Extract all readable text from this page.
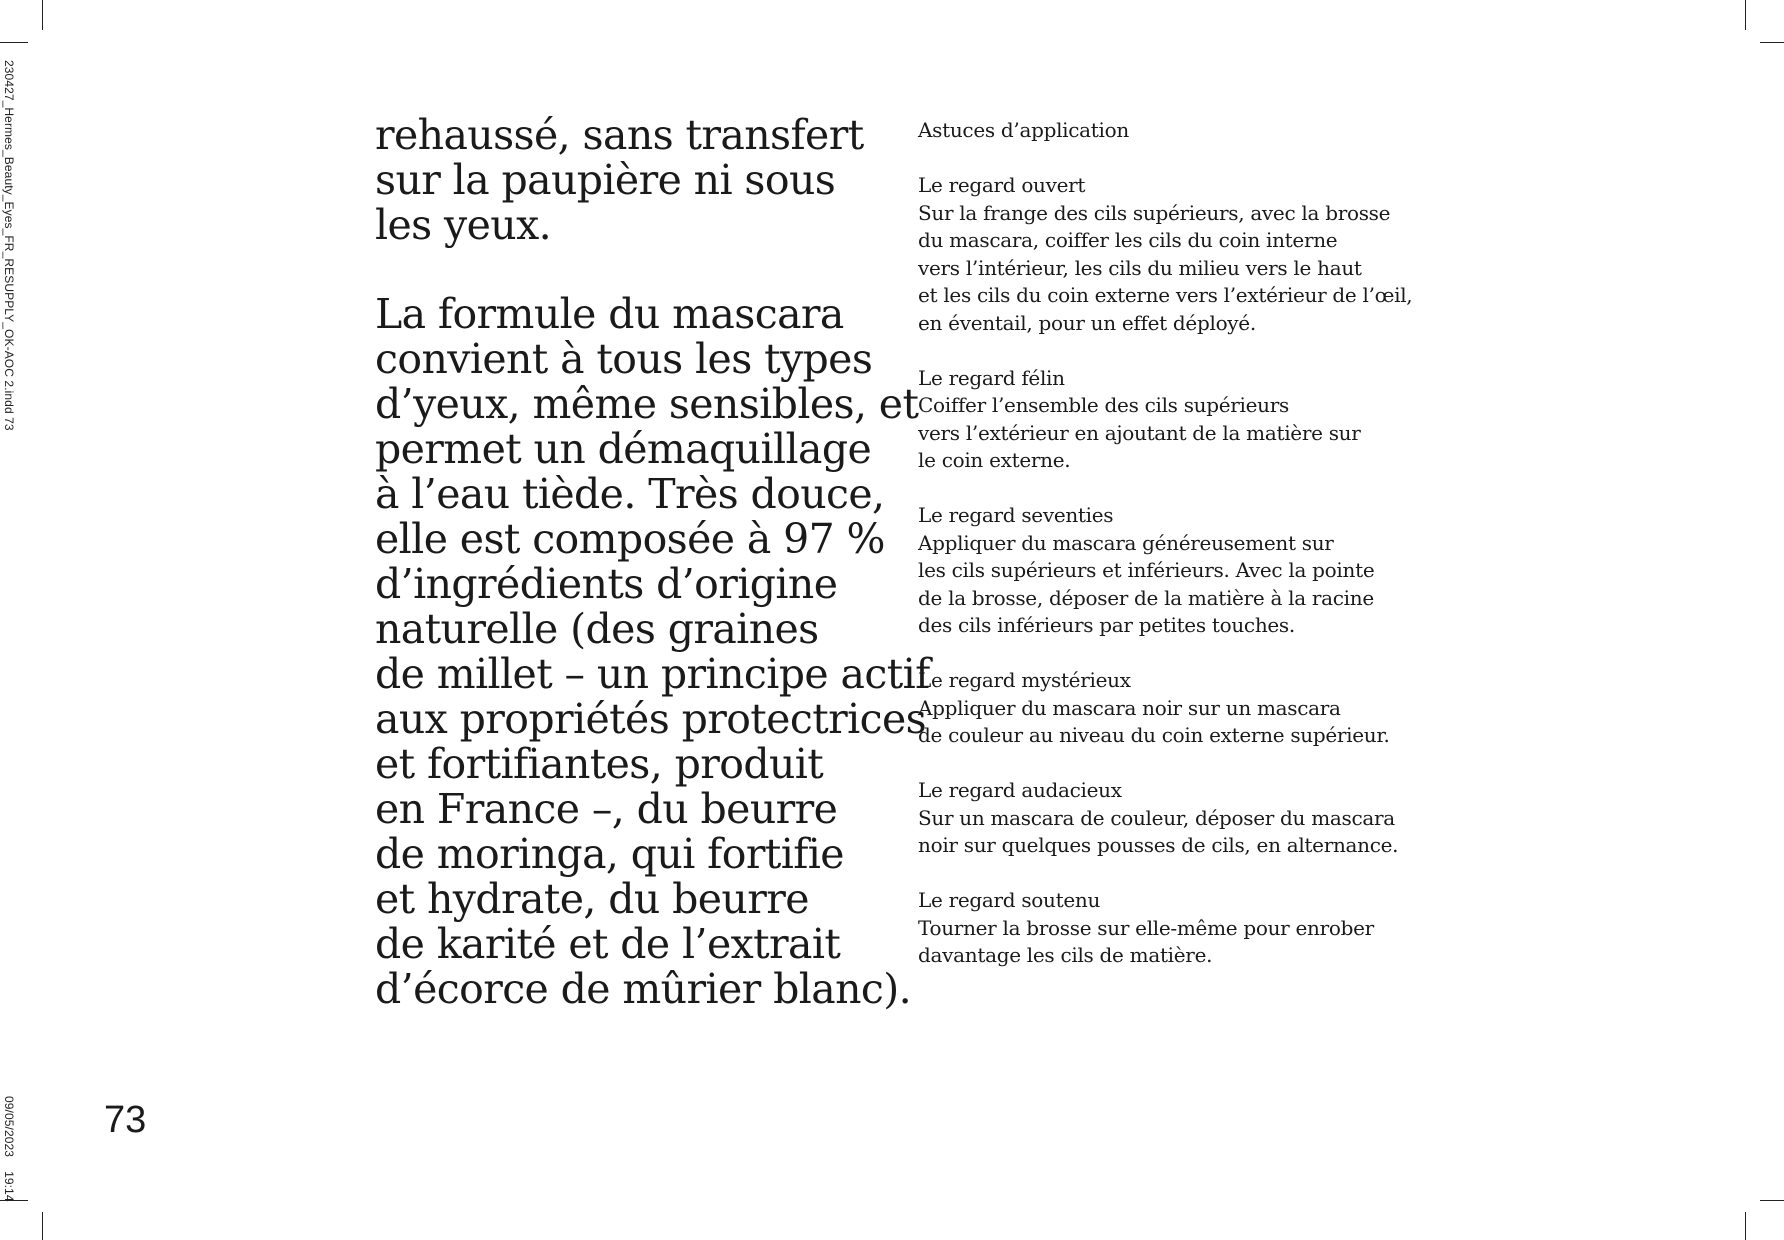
230427_Hermes_Beauty_Eyes_FR_RESUPPLY_OK-AOC 2.indd 73
09/05/202319:14

rehaussé, sans transfert
sur la paupière ni sous
les yeux.

La formule du mascara
convient à tous les types
d’yeux, même sensibles, et
permet un démaquillage
à l’eau tiède. Très douce,
elle est composée à 97 %
d’ingrédients d’origine
naturelle (des graines
de millet – un principe actif
aux propriétés protectrices
et fortifiantes, produit
en France –, du beurre
de moringa, qui fortifie
et hydrate, du beurre
de karité et de l’extrait
d’écorce de mûrier blanc).

Astuces d’application
Le regard ouvert
Sur la frange des cils supérieurs, avec la brosse
du mascara, coiffer les cils du coin interne
vers l’intérieur, les cils du milieu vers le haut
et les cils du coin externe vers l’extérieur de l’œil,
en éventail, pour un effet déployé.
Le regard félin
Coiffer l’ensemble des cils supérieurs
vers l’extérieur en ajoutant de la matière sur
le coin externe.
Le regard seventies
Appliquer du mascara généreusement sur
les cils supérieurs et inférieurs. Avec la pointe
de la brosse, déposer de la matière à la racine
des cils inférieurs par petites touches.
Le regard mystérieux
Appliquer du mascara noir sur un mascara
de couleur au niveau du coin externe supérieur.
Le regard audacieux
Sur un mascara de couleur, déposer du mascara
noir sur quelques pousses de cils, en alternance.
Le regard soutenu
Tourner la brosse sur elle-même pour enrober
davantage les cils de matière.
73
